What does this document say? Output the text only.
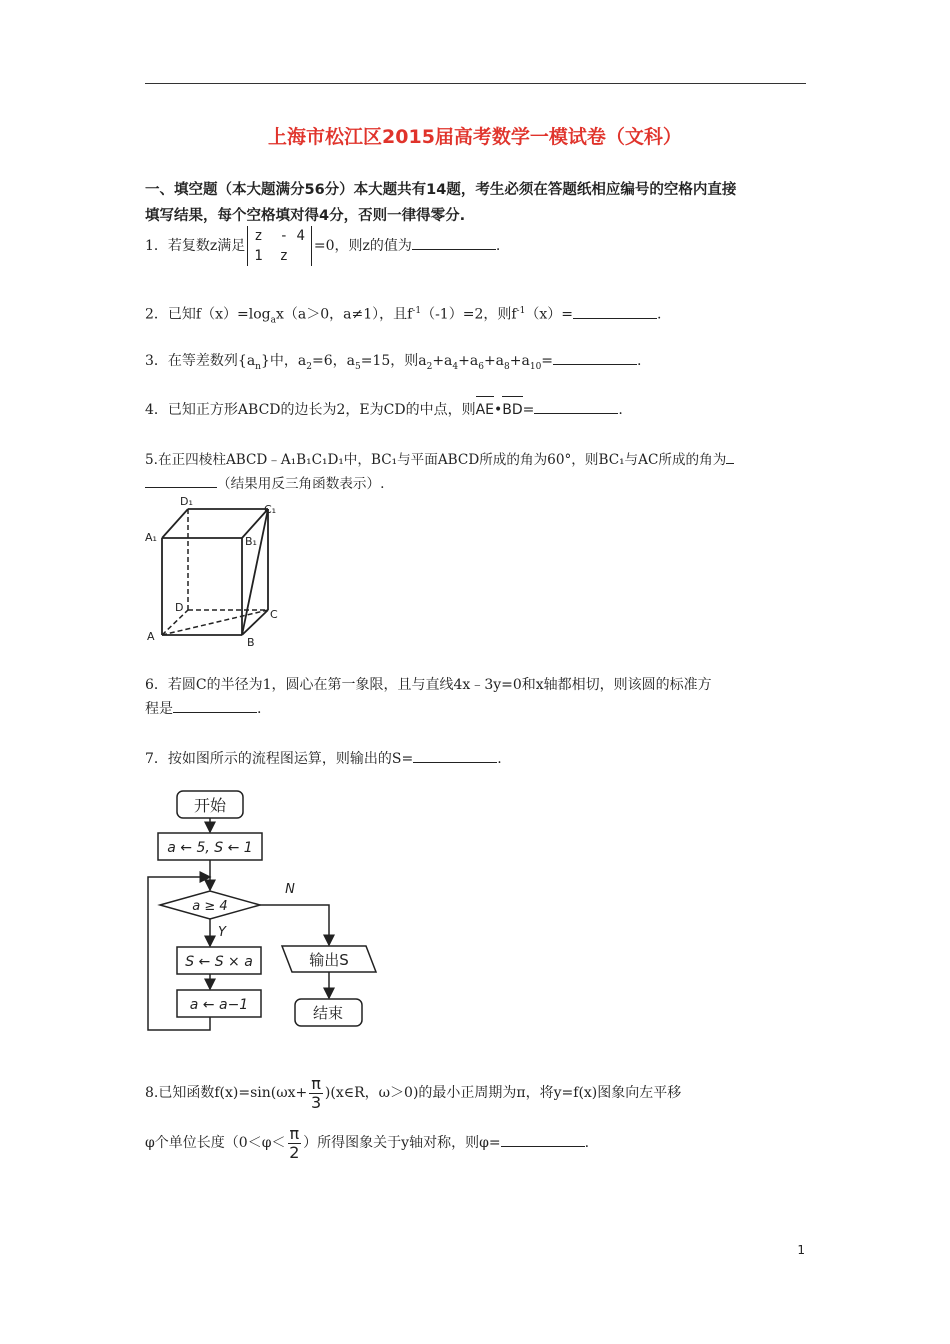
上海市松江区2015届高考数学一模试卷（文科）
一、填空题（本大题满分56分）本大题共有14题，考生必须在答题纸相应编号的空格内直接
填写结果，每个空格填对得4分，否则一律得零分.
1．若复数z满足
z  - 4
1  z
=0，则z的值为	.
2．已知$f(x)=\log_ax(a>0$，a≠1），且$f^{-1}(-1)=2$，则$f^{-1}(x)=$	.
3．在等差数列$\{a_n\}$中，$a_2=6$，$a_5=15$，则$a_2+a_4+a_6+a_8+a_{10}=$	.
4．已知正方形ABCD的边长为2，E为CD的中点，则AE•BD=	.
5.在正四棱柱ABCD﹣A₁B₁C₁D₁中，BC₁与平面ABCD所成的角为60°，则BC₁与AC所成的角为
（结果用反三角函数表示）.
D₁
C₁
A₁	B₁
D
C
A	B
6．若圆C的半径为1，圆心在第一象限，且与直线4x﹣3y=0和x轴都相切，则该圆的标准方
程是	.
7．按如图所示的流程图运算，则输出的S=	.
开始
a ← 5, S ← 1
a ≥ 4
Y
N
S ← S × a
a ← a−1
输出S
结束
8.已知函数$f(x)=\sin(\omega x+ \frac{\pi}{3}$ )(x∈R，ω＞0)的最小正周期为π，将y=f(x)图象向左平移
φ个单位长度（$0<\varphi< \frac{\pi}{2}$ ）所得图象关于y轴对称，则φ=	.
1
